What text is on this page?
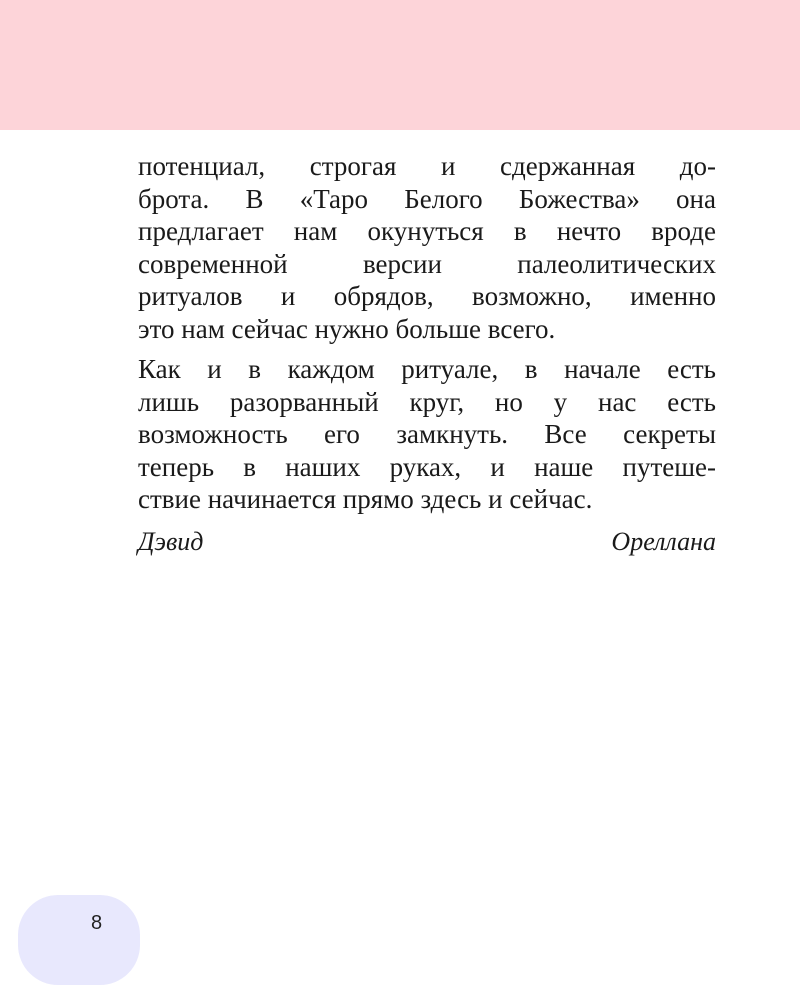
потенциал, строгая и сдержанная до-
брота. В «Таро Белого Божества» она
предлагает нам окунуться в нечто вроде
современной версии палеолитических
ритуалов и обрядов, возможно, именно
это нам сейчас нужно больше всего.

Как и в каждом ритуале, в начале есть
лишь разорванный круг, но у нас есть
возможность его замкнуть. Все секреты
теперь в наших руках, и наше путеше-
ствие начинается прямо здесь и сейчас.

Дэвид Ореллана
8
